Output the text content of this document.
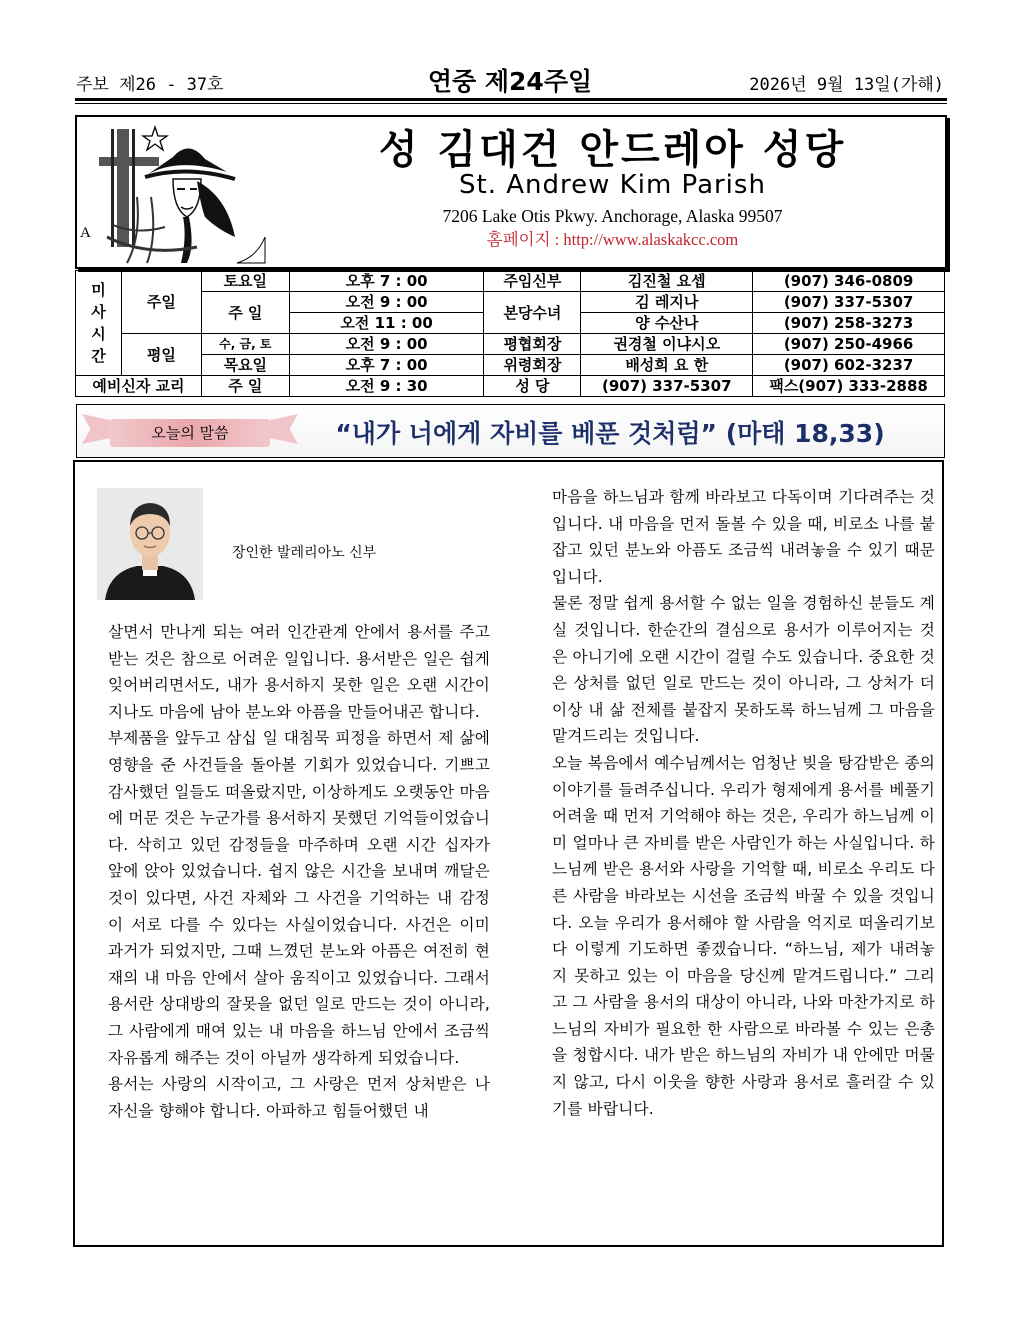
주보 제26 - 37호	연중 제24주일	2026년 9월 13일(가해)
A
성 김대건 안드레아 성당
St. Andrew Kim Parish
7206 Lake Otis Pkwy. Anchorage, Alaska 99507
홈페이지 : http://www.alaskakcc.com
미
사
시
간	주일	토요일	오후 7 : 00	주임신부	김진철 요셉	(907) 346-0809
		주 일	오전 9 : 00	본당수녀	김 레지나	(907) 337-5307
			오전 11 : 00		양 수산나	(907) 258-3273
	평일	수, 금, 토	오전 9 : 00	평협회장	권경철 이냐시오	(907) 250-4966
		목요일	오후 7 : 00	위령회장	배성희 요 한	(907) 602-3237
예비신자 교리		주 일	오전 9 : 30	성 당	(907) 337-5307	팩스(907) 333-2888
오늘의 말씀	“내가 너에게 자비를 베푼 것처럼” (마태 18,33)
장인한 발레리아노 신부

살면서 만나게 되는 여러 인간관계 안에서 용서를 주고받는 것은 참으로 어려운 일입니다. 용서받은 일은 쉽게 잊어버리면서도, 내가 용서하지 못한 일은 오랜 시간이 지나도 마음에 남아 분노와 아픔을 만들어내곤 합니다.

부제품을 앞두고 삼십 일 대침묵 피정을 하면서 제 삶에 영향을 준 사건들을 돌아볼 기회가 있었습니다. 기쁘고 감사했던 일들도 떠올랐지만, 이상하게도 오랫동안 마음에 머문 것은 누군가를 용서하지 못했던 기억들이었습니다. 삭히고 있던 감정들을 마주하며 오랜 시간 십자가 앞에 앉아 있었습니다. 쉽지 않은 시간을 보내며 깨달은 것이 있다면, 사건 자체와 그 사건을 기억하는 내 감정이 서로 다를 수 있다는 사실이었습니다. 사건은 이미 과거가 되었지만, 그때 느꼈던 분노와 아픔은 여전히 현재의 내 마음 안에서 살아 움직이고 있었습니다. 그래서 용서란 상대방의 잘못을 없던 일로 만드는 것이 아니라, 그 사람에게 매여 있는 내 마음을 하느님 안에서 조금씩 자유롭게 해주는 것이 아닐까 생각하게 되었습니다.

용서는 사랑의 시작이고, 그 사랑은 먼저 상처받은 나 자신을 향해야 합니다. 아파하고 힘들어했던 내

마음을 하느님과 함께 바라보고 다독이며 기다려주는 것입니다. 내 마음을 먼저 돌볼 수 있을 때, 비로소 나를 붙잡고 있던 분노와 아픔도 조금씩 내려놓을 수 있기 때문입니다.

물론 정말 쉽게 용서할 수 없는 일을 경험하신 분들도 계실 것입니다. 한순간의 결심으로 용서가 이루어지는 것은 아니기에 오랜 시간이 걸릴 수도 있습니다. 중요한 것은 상처를 없던 일로 만드는 것이 아니라, 그 상처가 더 이상 내 삶 전체를 붙잡지 못하도록 하느님께 그 마음을 맡겨드리는 것입니다.

오늘 복음에서 예수님께서는 엄청난 빚을 탕감받은 종의 이야기를 들려주십니다. 우리가 형제에게 용서를 베풀기 어려울 때 먼저 기억해야 하는 것은, 우리가 하느님께 이미 얼마나 큰 자비를 받은 사람인가 하는 사실입니다. 하느님께 받은 용서와 사랑을 기억할 때, 비로소 우리도 다른 사람을 바라보는 시선을 조금씩 바꿀 수 있을 것입니다. 오늘 우리가 용서해야 할 사람을 억지로 떠올리기보다 이렇게 기도하면 좋겠습니다. “하느님, 제가 내려놓지 못하고 있는 이 마음을 당신께 맡겨드립니다.” 그리고 그 사람을 용서의 대상이 아니라, 나와 마찬가지로 하느님의 자비가 필요한 한 사람으로 바라볼 수 있는 은총을 청합시다. 내가 받은 하느님의 자비가 내 안에만 머물지 않고, 다시 이웃을 향한 사랑과 용서로 흘러갈 수 있기를 바랍니다.
